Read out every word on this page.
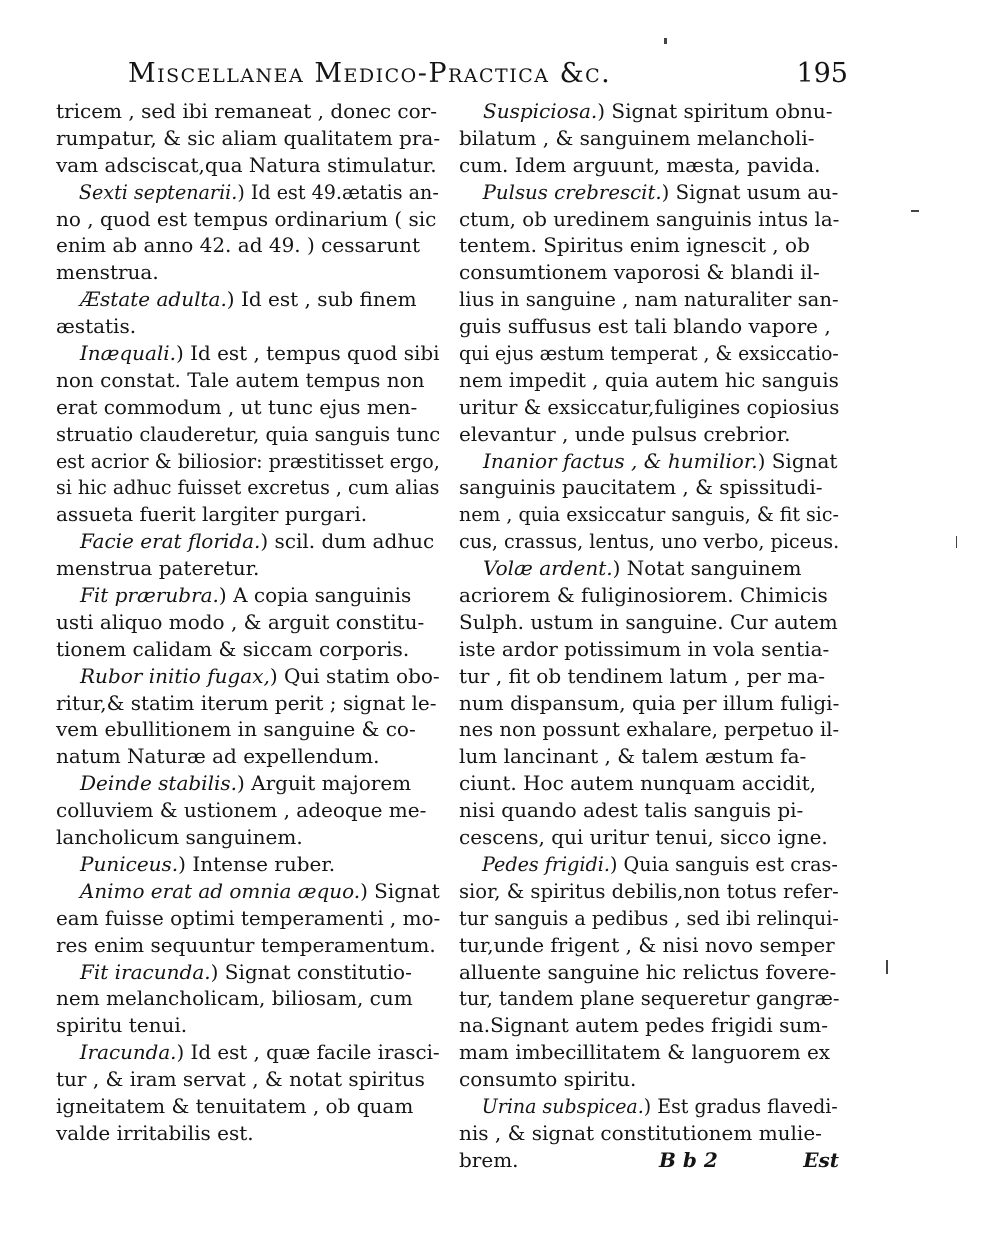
Miscellanea Medico-Practica &c.	195
tricem , sed ibi remaneat , donec cor-
rumpatur, & sic aliam qualitatem pra-
vam adsciscat,qua Natura stimulatur.
Sexti septenarii.) Id est 49.ætatis an-
no , quod est tempus ordinarium ( sic
enim ab anno 42. ad 49. ) cessarunt
menstrua.
Æstate adulta.) Id est , sub finem
æstatis.
Inæquali.) Id est , tempus quod sibi
non constat. Tale autem tempus non
erat commodum , ut tunc ejus men-
struatio clauderetur, quia sanguis tunc
est acrior & biliosior: præstitisset ergo,
si hic adhuc fuisset excretus , cum alias
assueta fuerit largiter purgari.
Facie erat florida.) scil. dum adhuc
menstrua pateretur.
Fit prærubra.) A copia sanguinis
usti aliquo modo , & arguit constitu-
tionem calidam & siccam corporis.
Rubor initio fugax,) Qui statim obo-
ritur,& statim iterum perit ; signat le-
vem ebullitionem in sanguine & co-
natum Naturæ ad expellendum.
Deinde stabilis.) Arguit majorem
colluviem & ustionem , adeoque me-
lancholicum sanguinem.
Puniceus.) Intense ruber.
Animo erat ad omnia æquo.) Signat
eam fuisse optimi temperamenti , mo-
res enim sequuntur temperamentum.
Fit iracunda.) Signat constitutio-
nem melancholicam, biliosam, cum
spiritu tenui.
Iracunda.) Id est , quæ facile irasci-
tur , & iram servat , & notat spiritus
igneitatem & tenuitatem , ob quam
valde irritabilis est.
Suspiciosa.) Signat spiritum obnu-
bilatum , & sanguinem melancholi-
cum. Idem arguunt, mæsta, pavida.
Pulsus crebrescit.) Signat usum au-
ctum, ob uredinem sanguinis intus la-
tentem. Spiritus enim ignescit , ob
consumtionem vaporosi & blandi il-
lius in sanguine , nam naturaliter san-
guis suffusus est tali blando vapore ,
qui ejus æstum temperat , & exsiccatio-
nem impedit , quia autem hic sanguis
uritur & exsiccatur,fuligines copiosius
elevantur , unde pulsus crebrior.
Inanior factus , & humilior.) Signat
sanguinis paucitatem , & spissitudi-
nem , quia exsiccatur sanguis, & fit sic-
cus, crassus, lentus, uno verbo, piceus.
Volæ ardent.) Notat sanguinem
acriorem & fuliginosiorem. Chimicis
Sulph. ustum in sanguine. Cur autem
iste ardor potissimum in vola sentia-
tur , fit ob tendinem latum , per ma-
num dispansum, quia per illum fuligi-
nes non possunt exhalare, perpetuo il-
lum lancinant , & talem æstum fa-
ciunt. Hoc autem nunquam accidit,
nisi quando adest talis sanguis pi-
cescens, qui uritur tenui, sicco igne.
Pedes frigidi.) Quia sanguis est cras-
sior, & spiritus debilis,non totus refer-
tur sanguis a pedibus , sed ibi relinqui-
tur,unde frigent , & nisi novo semper
alluente sanguine hic relictus fovere-
tur, tandem plane sequeretur gangræ-
na.Signant autem pedes frigidi sum-
mam imbecillitatem & languorem ex
consumto spiritu.
Urina subspicea.) Est gradus flavedi-
nis , & signat constitutionem mulie-
brem.	B b 2	Est
